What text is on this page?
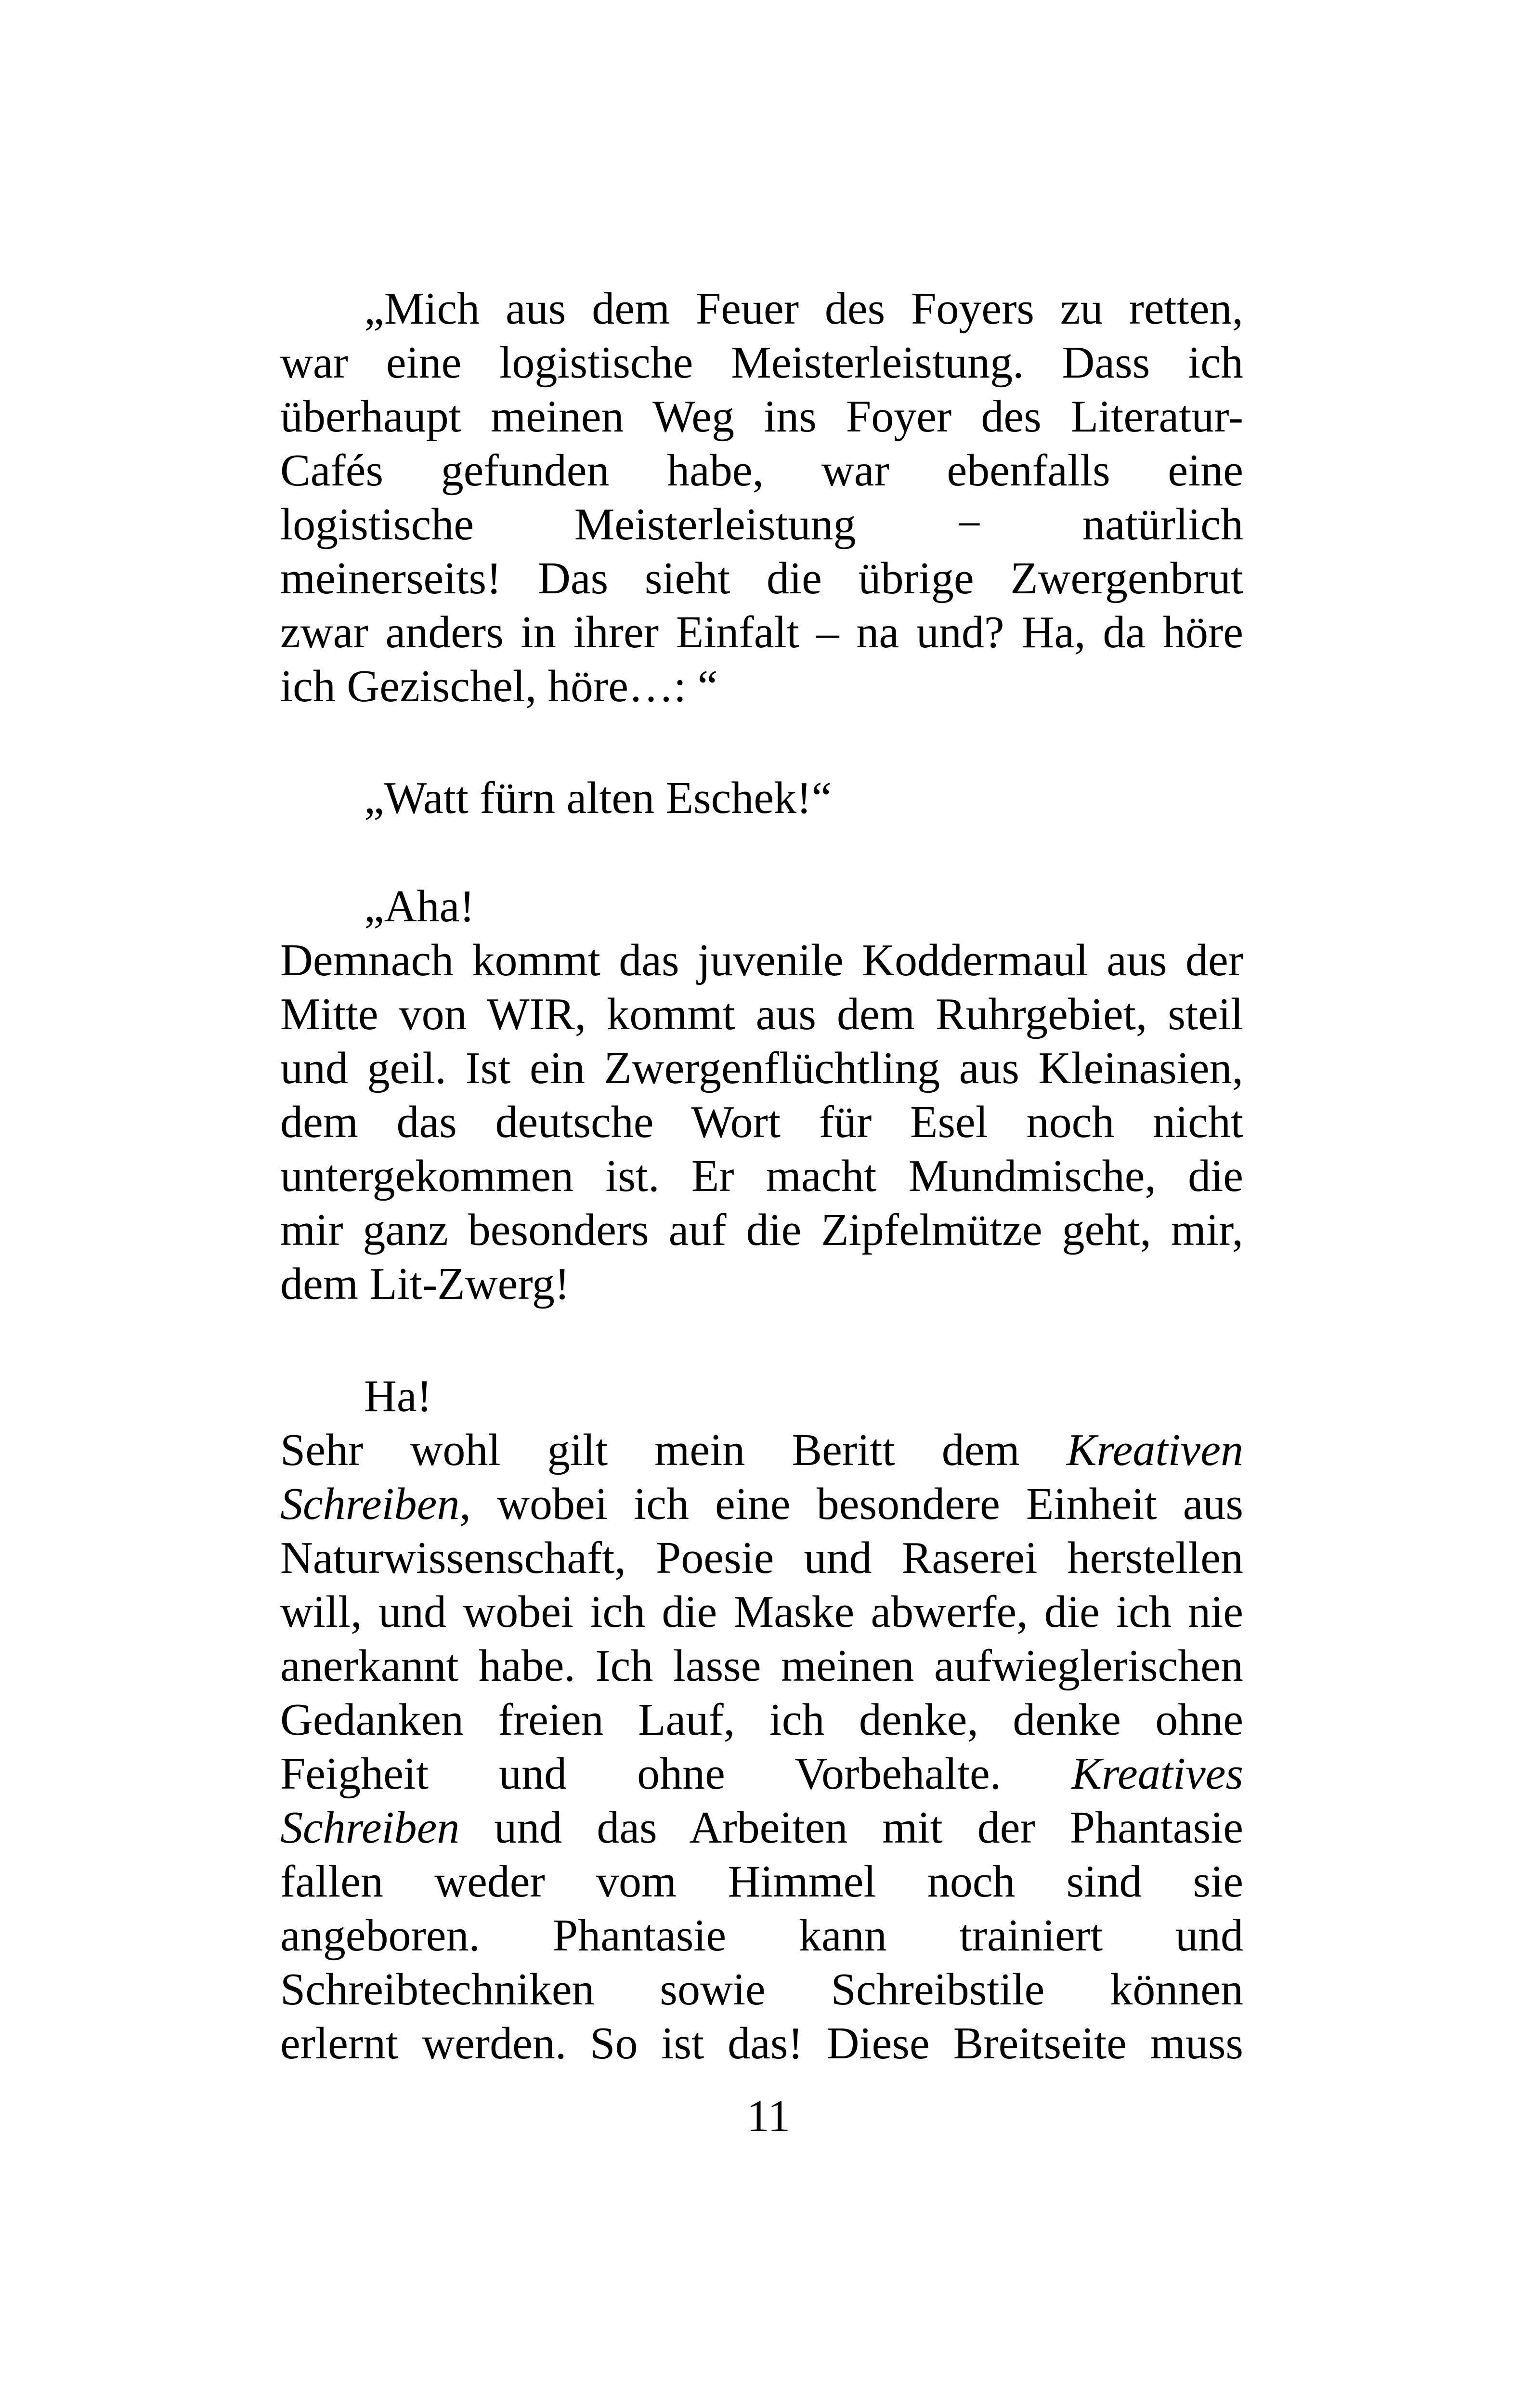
„Mich aus dem Feuer des Foyers zu retten,
war eine logistische Meisterleistung. Dass ich
überhaupt meinen Weg ins Foyer des Literatur-
Cafés gefunden habe, war ebenfalls eine
logistische Meisterleistung − natürlich
meinerseits! Das sieht die übrige Zwergenbrut
zwar anders in ihrer Einfalt – na und? Ha, da höre
ich Gezischel, höre…: “
„Watt fürn alten Eschek!“
„Aha!
Demnach kommt das juvenile Koddermaul aus der
Mitte von WIR, kommt aus dem Ruhrgebiet, steil
und geil. Ist ein Zwergenflüchtling aus Kleinasien,
dem das deutsche Wort für Esel noch nicht
untergekommen ist. Er macht Mundmische, die
mir ganz besonders auf die Zipfelmütze geht, mir,
dem Lit-Zwerg!
Ha!
Sehr wohl gilt mein Beritt dem Kreativen
Schreiben, wobei ich eine besondere Einheit aus
Naturwissenschaft, Poesie und Raserei herstellen
will, und wobei ich die Maske abwerfe, die ich nie
anerkannt habe. Ich lasse meinen aufwieglerischen
Gedanken freien Lauf, ich denke, denke ohne
Feigheit und ohne Vorbehalte. Kreatives
Schreiben und das Arbeiten mit der Phantasie
fallen weder vom Himmel noch sind sie
angeboren. Phantasie kann trainiert und
Schreibtechniken sowie Schreibstile können
erlernt werden. So ist das! Diese Breitseite muss
11
